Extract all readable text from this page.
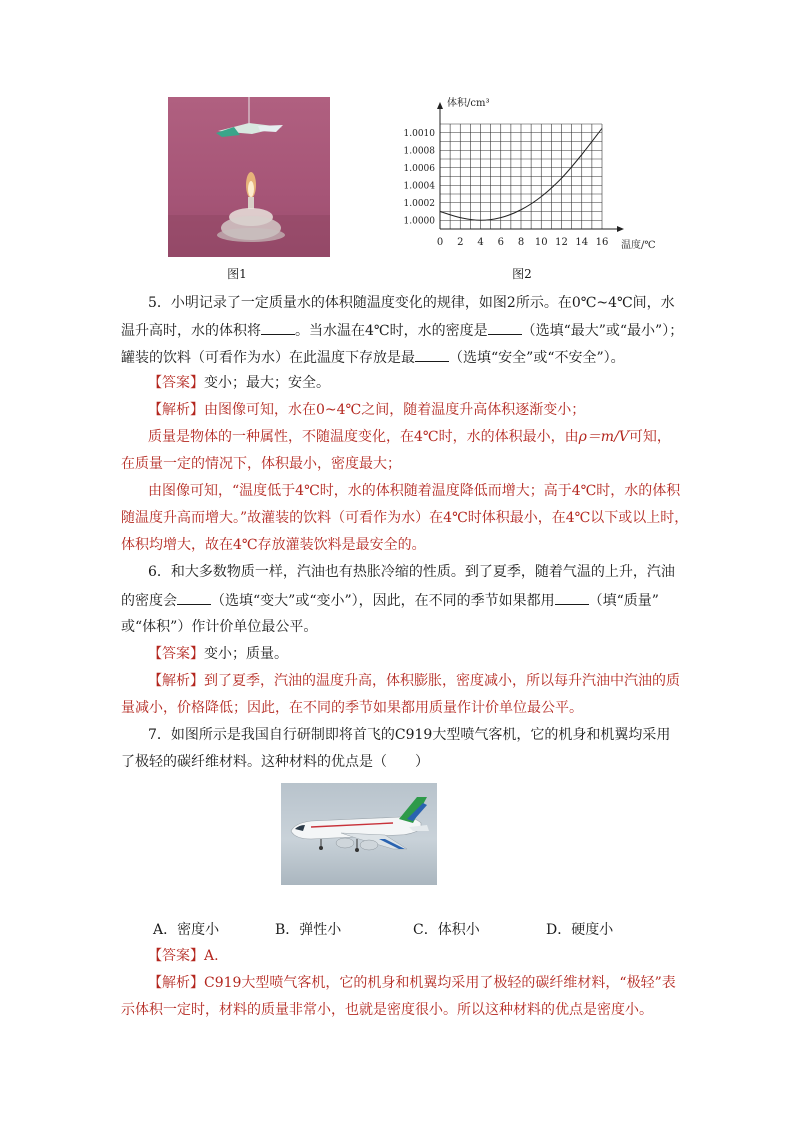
图1
0 2 4 6 8 10 12 14 16
1.0000
1.0002
1.0004
1.0006
1.0008
1.0010
体积/cm³
温度/℃
图2
5．小明记录了一定质量水的体积随温度变化的规律，如图2所示。在0℃~4℃间，水
温升高时，水的体积将 。当水温在4℃时，水的密度是 （选填“最大”或“最小”）；
罐装的饮料（可看作为水）在此温度下存放是最 （选填“安全”或“不安全”）。
【答案】变小；最大；安全。
【解析】由图像可知，水在0~4℃之间，随着温度升高体积逐渐变小；
质量是物体的一种属性，不随温度变化，在4℃时，水的体积最小，由ρ＝m/V可知，
在质量一定的情况下，体积最小，密度最大；
由图像可知，“温度低于4℃时，水的体积随着温度降低而增大；高于4℃时，水的体积
随温度升高而增大。”故灌装的饮料（可看作为水）在4℃时体积最小，在4℃以下或以上时，
体积均增大，故在4℃存放灌装饮料是最安全的。
6．和大多数物质一样，汽油也有热胀冷缩的性质。到了夏季，随着气温的上升，汽油
的密度会 （选填“变大”或“变小”），因此，在不同的季节如果都用 （填“质量”
或“体积”）作计价单位最公平。
【答案】变小；质量。
【解析】到了夏季，汽油的温度升高，体积膨胀，密度减小，所以每升汽油中汽油的质
量减小，价格降低；因此，在不同的季节如果都用质量作计价单位最公平。
7．如图所示是我国自行研制即将首飞的C919大型喷气客机，它的机身和机翼均采用
了极轻的碳纤维材料。这种材料的优点是（　　）
A．密度小	B．弹性小	C．体积小	D．硬度小
【答案】A.
【解析】C919大型喷气客机，它的机身和机翼均采用了极轻的碳纤维材料，“极轻”表
示体积一定时，材料的质量非常小，也就是密度很小。所以这种材料的优点是密度小。
